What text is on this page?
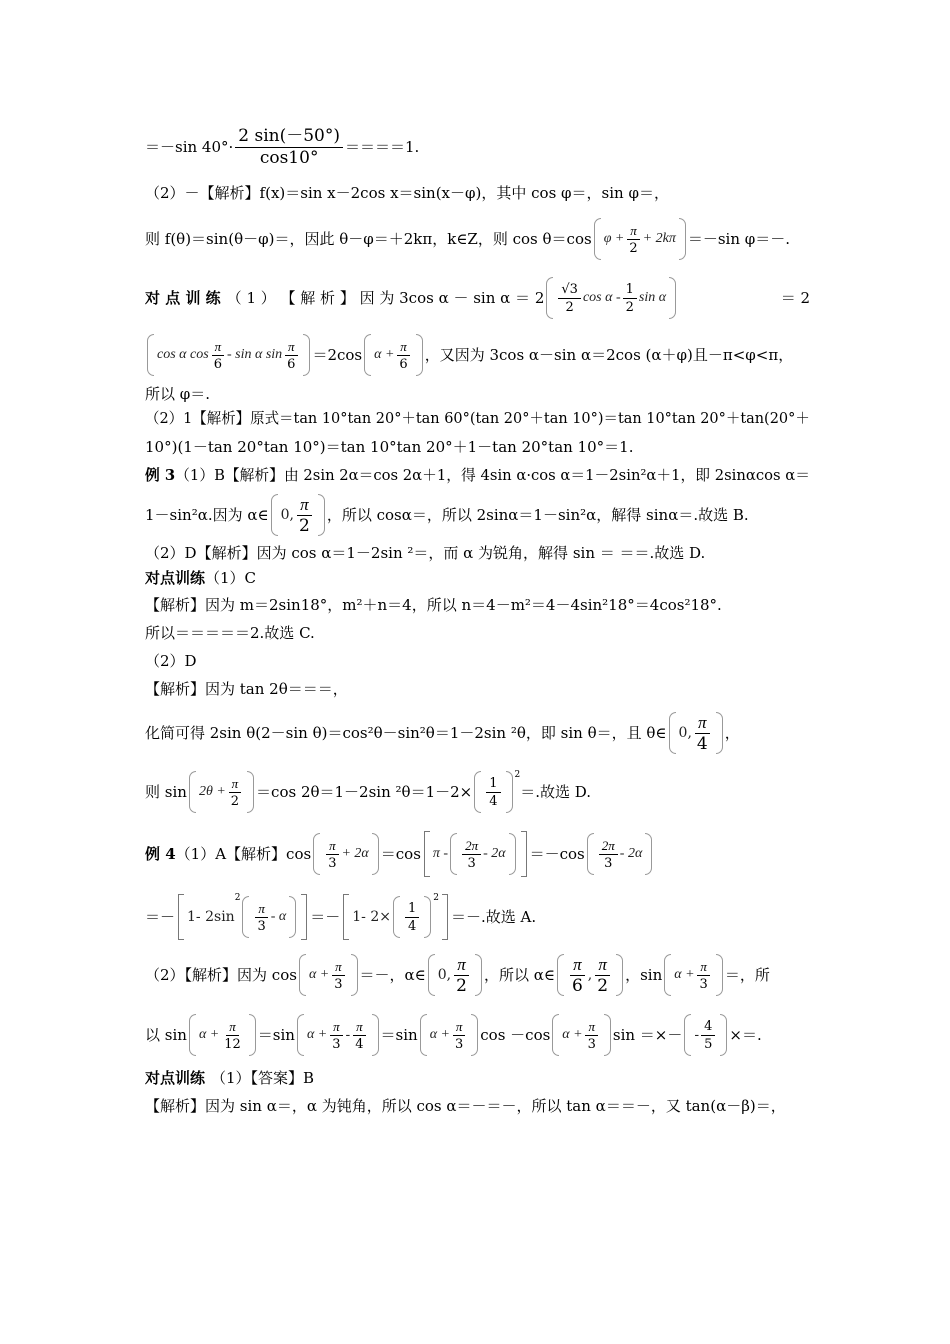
＝－sin $40^\circ\cdot \frac{2 \sin(-50^\circ)}{\cos 10^\circ} ====1$.
（2）－【解析】f(x)＝sin x－2cos x＝sin(x－φ)，其中 cos φ＝，sin φ＝，
则 f(θ)＝sin(θ－φ)＝，因此 θ－φ＝＋2kπ，k∈Z，则 cos θ＝cos $\varphi + \frac{\pi}{2} + 2k\pi =-\sin$ φ＝－.
对 点 训 练 （ 1 ） 【 解 析 】 因 为 3cos $\alpha - \sin \alpha = 2 \frac{√3}{2}$ cos α - $\frac{1}{2}$ sin α	＝ 2
cos α $\cos \frac{\pi}{6}$ - sin α $\sin \frac{\pi}{6} =2\cos$ $\alpha + \frac{\pi}{6}$ ，又因为 3cos α－sin α＝2cos (α＋φ)且－π<φ<π，
所以 φ＝.
（2）1【解析】原式＝tan 10°tan 20°＋tan 60°(tan 20°＋tan 10°)＝tan 10°tan 20°＋tan(20°＋
10°)(1－tan 20°tan 10°)＝tan 10°tan 20°＋1－tan 20°tan 10°＝1.
例 3 （1）B【解析】由 2sin 2α＝cos 2α＋1，得 4sin α·cos α＝1－2sin²α＋1，即 2sinαcos α＝
1－sin²α.因为 α∈ 0, $\frac{\pi}{2}$ ，所以 cosα＝，所以 2sinα＝1－sin²α，解得 sinα＝.故选 B.
（2）D【解析】因为 cos α＝1－2sin ²＝，而 α 为锐角，解得 sin ＝ ＝＝.故选 D.
对点训练 （1）C
【解析】因为 m＝2sin18°，m²＋n＝4，所以 n＝4－m²＝4－4sin²18°＝4cos²18°.
所以＝＝＝＝＝2.故选 C.
（2）D
【解析】因为 tan 2θ＝＝＝，
化简可得 2sin θ(2－sin θ)＝cos²θ－sin²θ＝1－2sin ²θ，即 sin θ＝，且 θ∈ 0, $\frac{\pi}{4}$ ，
则 $\sin 2\theta + \frac{\pi}{2} =\cos$ 2θ＝1－2sin $^2\theta=1-2\times \frac{1}{4}$
$^2$
＝.故选 D.
例 4 （1）A【解析】$\cos \frac{\pi}{3} + 2\alpha =\cos$ $\pi - \frac{2\pi}{3} - 2\alpha =-\cos \frac{2\pi}{3} - 2\alpha$
＝－ 1- 2sin
2
$\frac{\pi}{3} - \alpha =- 1-$ $2\times \frac{1}{4}$
$^2$
＝－.故选 A.
（2）【解析】因为 $\cos \alpha + \frac{\pi}{3}$ ＝－，α∈ 0, $\frac{\pi}{2}$ ，所以 α∈ $\frac{\pi}{6}$ , $\frac{\pi}{2}$ ，$\sin \alpha + \frac{\pi}{3}$ ＝，所
以 $\sin \alpha + \frac{\pi}{12} =\sin$ $\alpha + \frac{\pi}{3} - \frac{\pi}{4} =\sin$ $\alpha + \frac{\pi}{3}$ cos －cos $\alpha + \frac{\pi}{3}$ sin ＝×－ - $\frac{4}{5}$ ×＝.
对点训练 （1）【答案】B
【解析】因为 sin α＝，α 为钝角，所以 cos α＝－＝－，所以 tan α＝＝－，又 tan(α－β)＝，
